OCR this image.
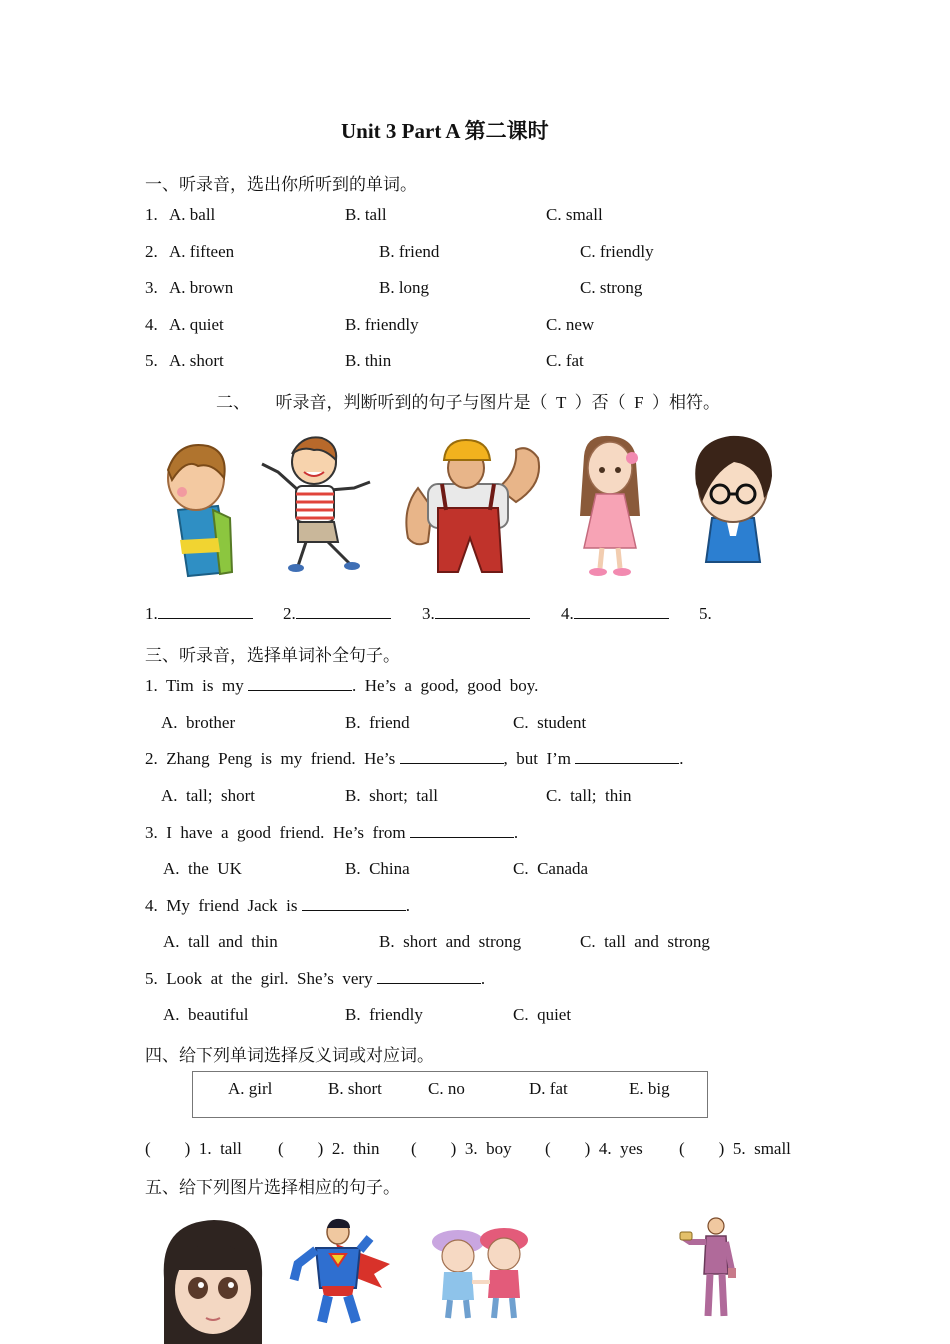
Unit 3 Part A 第二课时
一、听录音，选出你所听到的单词。
1. A. ball	B. tall	C. small
2. A. fifteen	B. friend	C. friendly
3. A. brown	B. long	C. strong
4. A. quiet	B. friendly	C. new
5. A. short	B. thin	C. fat
二、      听录音，判断听到的句子与图片是（  T  ）否（  F  ）相符。
1.	2.	3.	4.	5.
三、听录音，选择单词补全句子。
1.  Tim  is  my	.  He’s  a  good,  good  boy.
A.  brother	B.  friend	C.  student
2.  Zhang  Peng  is  my  friend.  He’s	,  but  I’m	.
A.  tall;  short	B.  short;  tall	C.  tall;  thin
3.  I  have  a  good  friend.  He’s  from	.
A.  the  UK	B.  China	C.  Canada
4.  My  friend  Jack  is	.
A.  tall  and  thin	B.  short  and  strong	C.  tall  and  strong
5.  Look  at  the  girl.  She’s  very	.
A.  beautiful	B.  friendly	C.  quiet
四、给下列单词选择反义词或对应词。
A. girl	B. short	C. no	D. fat	E. big
(        )  1.  tall (        )  2.  thin (        )  3.  boy (        )  4.  yes (        )  5.  small
五、给下列图片选择相应的句子。
